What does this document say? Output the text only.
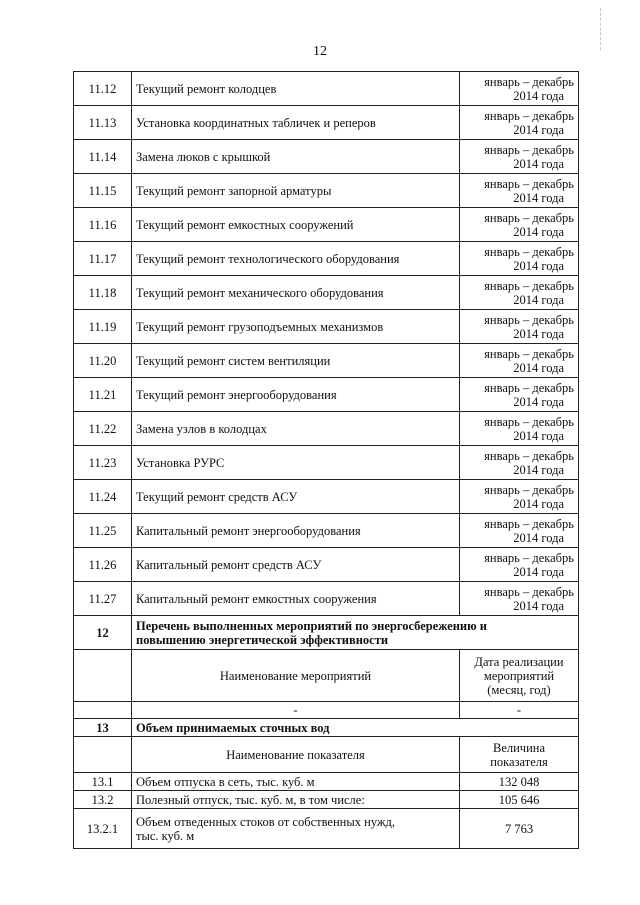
12
11.12	Текущий ремонт колодцев	январь – декабрь
2014 года

11.13	Установка координатных табличек и реперов	январь – декабрь
2014 года

11.14	Замена люков с крышкой	январь – декабрь
2014 года

11.15	Текущий ремонт запорной арматуры	январь – декабрь
2014 года

11.16	Текущий ремонт емкостных сооружений	январь – декабрь
2014 года

11.17	Текущий ремонт технологического оборудования	январь – декабрь
2014 года

11.18	Текущий ремонт механического оборудования	январь – декабрь
2014 года

11.19	Текущий ремонт грузоподъемных механизмов	январь – декабрь
2014 года

11.20	Текущий ремонт систем вентиляции	январь – декабрь
2014 года

11.21	Текущий ремонт энергооборудования	январь – декабрь
2014 года

11.22	Замена узлов в колодцах	январь – декабрь
2014 года

11.23	Установка РУРС	январь – декабрь
2014 года

11.24	Текущий ремонт средств АСУ	январь – декабрь
2014 года

11.25	Капитальный ремонт энергооборудования	январь – декабрь
2014 года

11.26	Капитальный ремонт средств АСУ	январь – декабрь
2014 года

11.27	Капитальный ремонт емкостных сооружения	январь – декабрь
2014 года

12	Перечень выполненных мероприятий по энергосбережению и
повышению энергетической эффективности	

	Наименование мероприятий	Дата реализации
мероприятий
(месяц, год)

	-	-
13	Объем принимаемых сточных вод	
	Наименование показателя	Величина
показателя

13.1	Объем отпуска в сеть, тыс. куб. м	132 048
13.2	Полезный отпуск, тыс. куб. м, в том числе:	105 646
13.2.1	Объем отведенных стоков от собственных нужд,
тыс. куб. м	7 763
